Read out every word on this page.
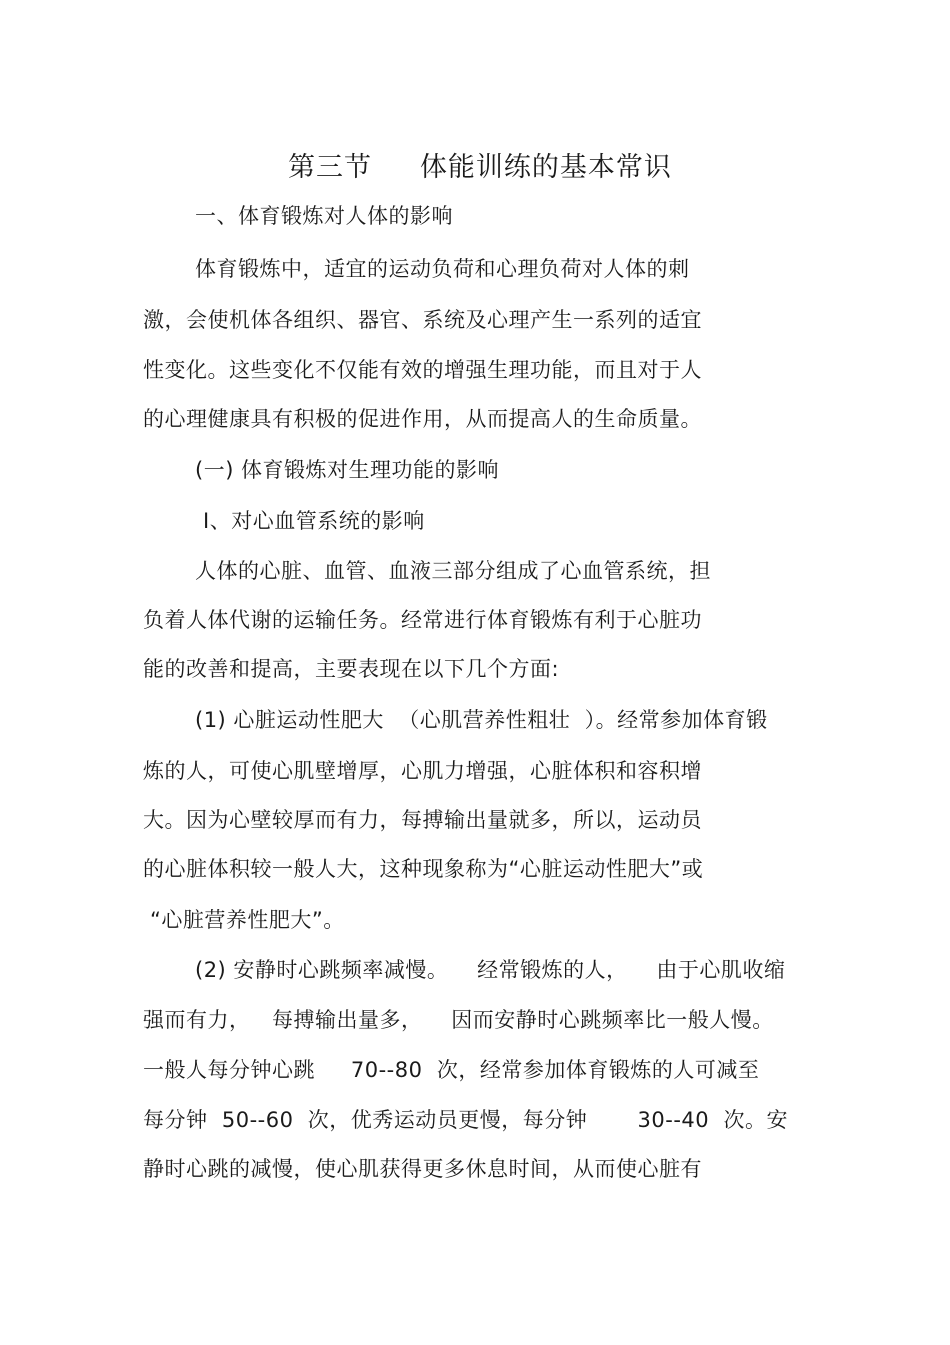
第三节     体能训练的基本常识
一、体育锻炼对人体的影响
体育锻炼中，适宜的运动负荷和心理负荷对人体的刺
激，会使机体各组织、器官、系统及心理产生一系列的适宜
性变化。这些变化不仅能有效的增强生理功能，而且对于人
的心理健康具有积极的促进作用，从而提高人的生命质量。
(一) 体育锻炼对生理功能的影响
I、对心血管系统的影响
人体的心脏、血管、血液三部分组成了心血管系统，担
负着人体代谢的运输任务。经常进行体育锻炼有利于心脏功
能的改善和提高，主要表现在以下几个方面:
(1) 心脏运动性肥大  （心肌营养性粗壮  ）。经常参加体育锻
炼的人，可使心肌壁增厚，心肌力增强，心脏体积和容积增
大。因为心壁较厚而有力，每搏输出量就多，所以，运动员
的心脏体积较一般人大，这种现象称为“心脏运动性肥大”或
“心脏营养性肥大”。
(2) 安静时心跳频率减慢。    经常锻炼的人，    由于心肌收缩
强而有力，   每搏输出量多，    因而安静时心跳频率比一般人慢。
一般人每分钟心跳     70--80  次，经常参加体育锻炼的人可减至
每分钟  50--60  次，优秀运动员更慢，每分钟       30--40  次。安
静时心跳的减慢，使心肌获得更多休息时间，从而使心脏有
